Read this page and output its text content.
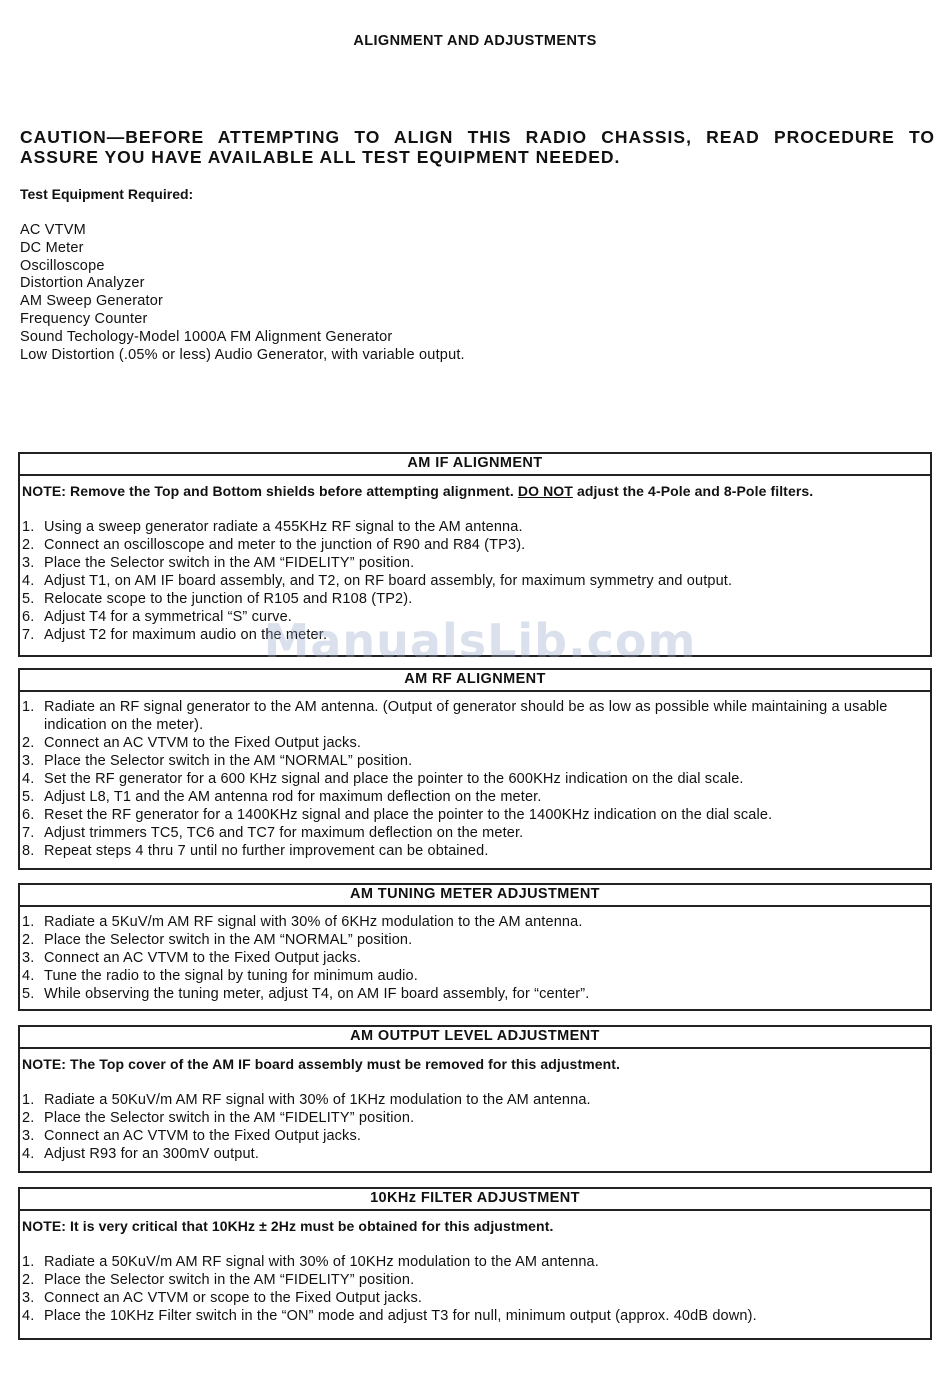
ALIGNMENT AND ADJUSTMENTS
CAUTION—BEFORE ATTEMPTING TO ALIGN THIS RADIO CHASSIS, READ PROCEDURE TO ASSURE YOU HAVE AVAILABLE ALL TEST EQUIPMENT NEEDED.
Test Equipment Required:
AC VTVM
DC Meter
Oscilloscope
Distortion Analyzer
AM Sweep Generator
Frequency Counter
Sound Techology-Model 1000A FM Alignment Generator
Low Distortion (.05% or less) Audio Generator, with variable output.
AM IF ALIGNMENT
NOTE: Remove the Top and Bottom shields before attempting alignment. DO NOT adjust the 4-Pole and 8-Pole filters.
1. Using a sweep generator radiate a 455KHz RF signal to the AM antenna.
2. Connect an oscilloscope and meter to the junction of R90 and R84 (TP3).
3. Place the Selector switch in the AM “FIDELITY” position.
4. Adjust T1, on AM IF board assembly, and T2, on RF board assembly, for maximum symmetry and output.
5. Relocate scope to the junction of R105 and R108 (TP2).
6. Adjust T4 for a symmetrical “S” curve.
7. Adjust T2 for maximum audio on the meter.
AM RF ALIGNMENT
1. Radiate an RF signal generator to the AM antenna. (Output of generator should be as low as possible while maintaining a usable indication on the meter).
2. Connect an AC VTVM to the Fixed Output jacks.
3. Place the Selector switch in the AM “NORMAL” position.
4. Set the RF generator for a 600 KHz signal and place the pointer to the 600KHz indication on the dial scale.
5. Adjust L8, T1 and the AM antenna rod for maximum deflection on the meter.
6. Reset the RF generator for a 1400KHz signal and place the pointer to the 1400KHz indication on the dial scale.
7. Adjust trimmers TC5, TC6 and TC7 for maximum deflection on the meter.
8. Repeat steps 4 thru 7 until no further improvement can be obtained.
AM TUNING METER ADJUSTMENT
1. Radiate a 5KuV/m AM RF signal with 30% of 6KHz modulation to the AM antenna.
2. Place the Selector switch in the AM “NORMAL” position.
3. Connect an AC VTVM to the Fixed Output jacks.
4. Tune the radio to the signal by tuning for minimum audio.
5. While observing the tuning meter, adjust T4, on AM IF board assembly, for “center”.
AM OUTPUT LEVEL ADJUSTMENT
NOTE: The Top cover of the AM IF board assembly must be removed for this adjustment.
1. Radiate a 50KuV/m AM RF signal with 30% of 1KHz modulation to the AM antenna.
2. Place the Selector switch in the AM “FIDELITY” position.
3. Connect an AC VTVM to the Fixed Output jacks.
4. Adjust R93 for an 300mV output.
10KHz FILTER ADJUSTMENT
NOTE: It is very critical that 10KHz ± 2Hz must be obtained for this adjustment.
1. Radiate a 50KuV/m AM RF signal with 30% of 10KHz modulation to the AM antenna.
2. Place the Selector switch in the AM “FIDELITY” position.
3. Connect an AC VTVM or scope to the Fixed Output jacks.
4. Place the 10KHz Filter switch in the “ON” mode and adjust T3 for null, minimum output (approx. 40dB down).
ManualsLib.com
